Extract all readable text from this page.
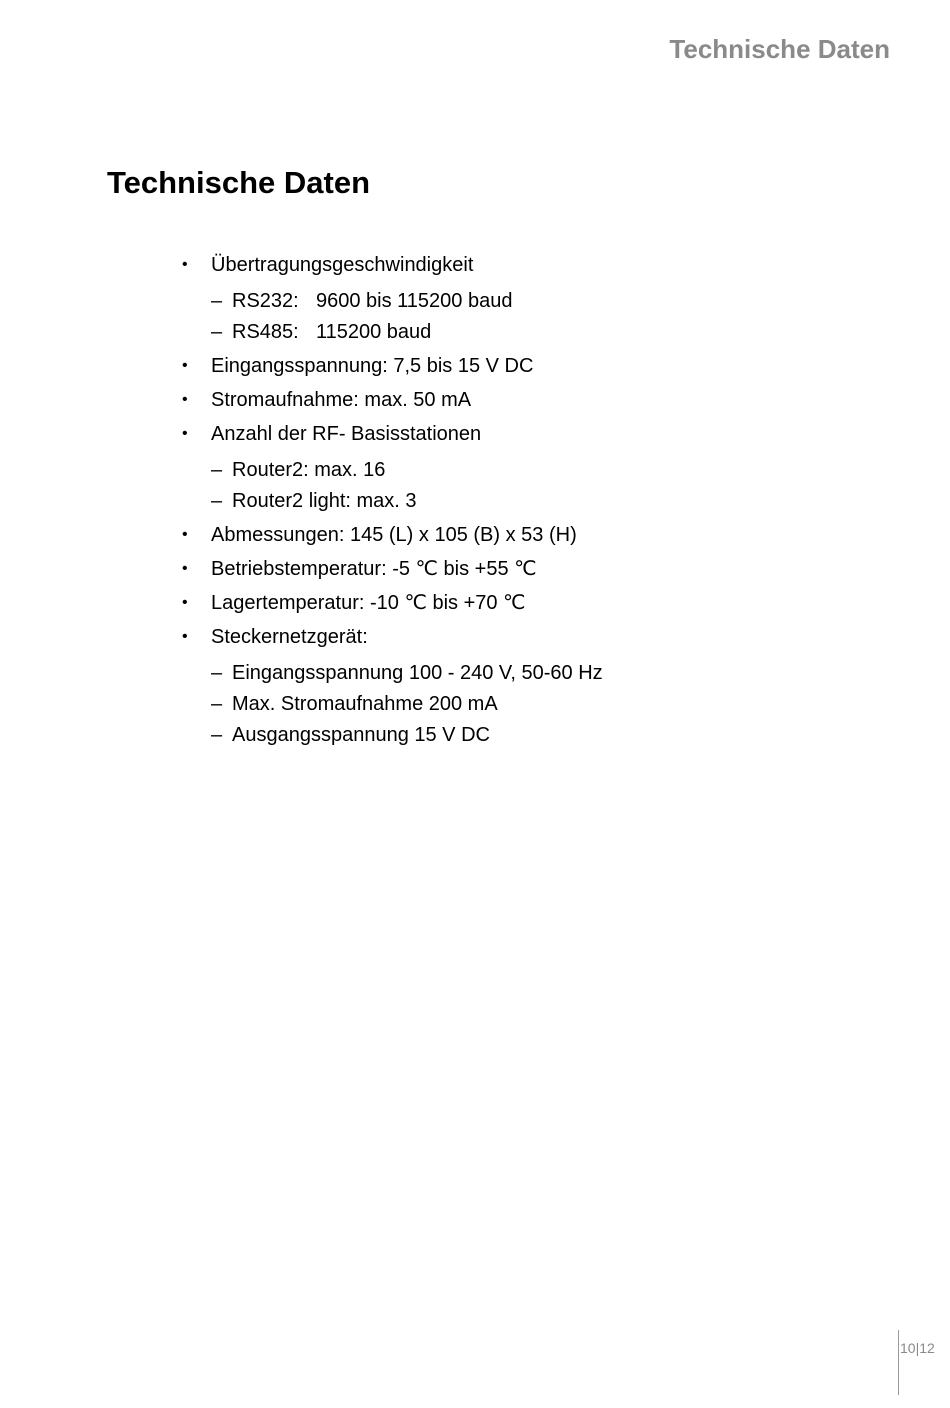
Technische Daten
Technische Daten
• Übertragungsgeschwindigkeit
– RS232: 9600 bis 115200 baud
– RS485: 115200 baud
• Eingangsspannung: 7,5 bis 15 V DC
• Stromaufnahme: max. 50 mA
• Anzahl der RF- Basisstationen
– Router2: max. 16
– Router2 light: max. 3
• Abmessungen: 145 (L) x 105 (B) x 53 (H)
• Betriebstemperatur: -5 ℃ bis +55 ℃
• Lagertemperatur: -10 ℃ bis +70 ℃
• Steckernetzgerät:
– Eingangsspannung 100 - 240 V, 50-60 Hz
– Max. Stromaufnahme 200 mA
– Ausgangsspannung 15 V DC
10|12
